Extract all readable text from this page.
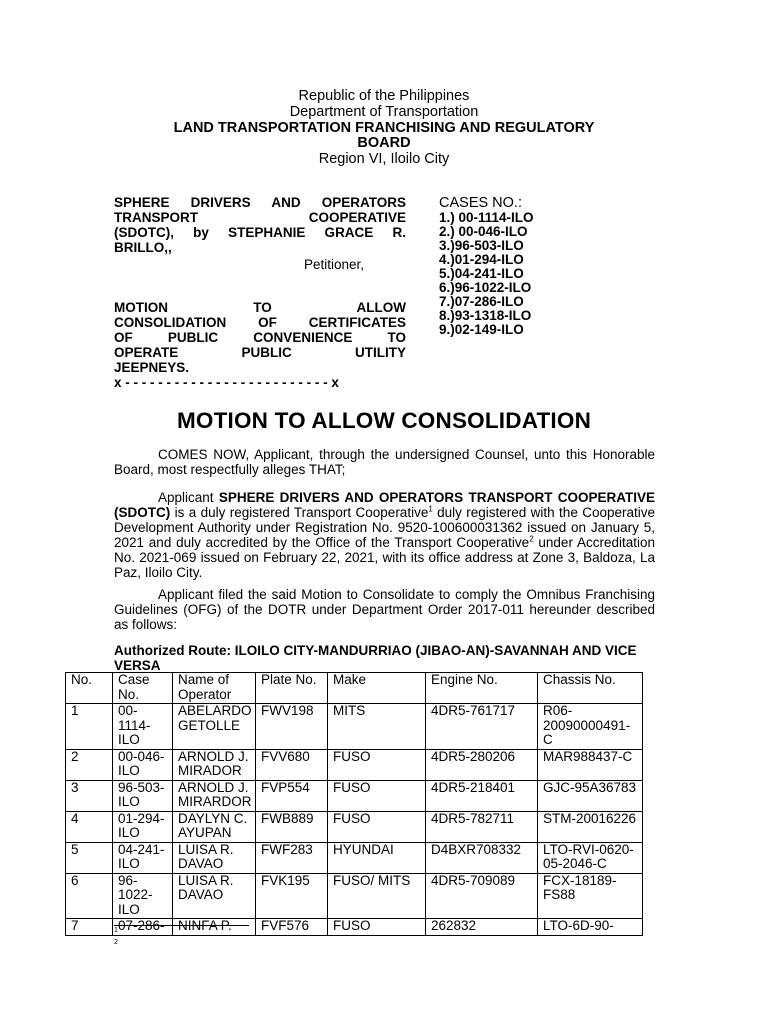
Republic of the Philippines
Department of Transportation
LAND TRANSPORTATION FRANCHISING AND REGULATORY
BOARD
Region VI, Iloilo City
SPHERE DRIVERS AND OPERATORS
TRANSPORT COOPERATIVE
(SDOTC), by STEPHANIE GRACE R.
BRILLO,,
Petitioner,
MOTION TO ALLOW
CONSOLIDATION OF CERTIFICATES
OF PUBLIC CONVENIENCE TO
OPERATE PUBLIC UTILITY
JEEPNEYS.
x - - - - - - - - - - - - - - - - - - - - - - - - - x
CASES NO.:
1.) 00-1114-ILO
2.) 00-046-ILO
3.)96-503-ILO
4.)01-294-ILO
5.)04-241-ILO
6.)96-1022-ILO
7.)07-286-ILO
8.)93-1318-ILO
9.)02-149-ILO
MOTION TO ALLOW CONSOLIDATION
COMES NOW, Applicant, through the undersigned Counsel, unto this Honorable Board, most respectfully alleges THAT;
Applicant SPHERE DRIVERS AND OPERATORS TRANSPORT COOPERATIVE (SDOTC) is a duly registered Transport Cooperative$^1$ duly registered with the Cooperative Development Authority under Registration No. 9520-100600031362 issued on January 5, 2021 and duly accredited by the Office of the Transport Cooperative$^2$ under Accreditation No. 2021-069 issued on February 22, 2021, with its office address at Zone 3, Baldoza, La Paz, Iloilo City.
Applicant filed the said Motion to Consolidate to comply the Omnibus Franchising Guidelines (OFG) of the DOTR under Department Order 2017-011 hereunder described as follows:
Authorized Route: ILOILO CITY-MANDURRIAO (JIBAO-AN)-SAVANNAH AND VICE VERSA
No.	Case No.	Name of Operator	Plate No.	Make	Engine No.	Chassis No.
1	00-1114-ILO	ABELARDO GETOLLE	FWV198	MITS	4DR5-761717	R06-20090000491-C
2	00-046-ILO	ARNOLD J. MIRADOR	FVV680	FUSO	4DR5-280206	MAR988437-C
3	96-503-ILO	ARNOLD J. MIRARDOR	FVP554	FUSO	4DR5-218401	GJC-95A36783
4	01-294-ILO	DAYLYN C. AYUPAN	FWB889	FUSO	4DR5-782711	STM-20016226
5	04-241-ILO	LUISA R. DAVAO	FWF283	HYUNDAI	D4BXR708332	LTO-RVI-0620-05-2046-C
6	96-1022-ILO	LUISA R. DAVAO	FVK195	FUSO/ MITS	4DR5-709089	FCX-18189-FS88
7	07-286-	NINFA P.	FVF576	FUSO	262832	LTO-6D-90-
1
2
